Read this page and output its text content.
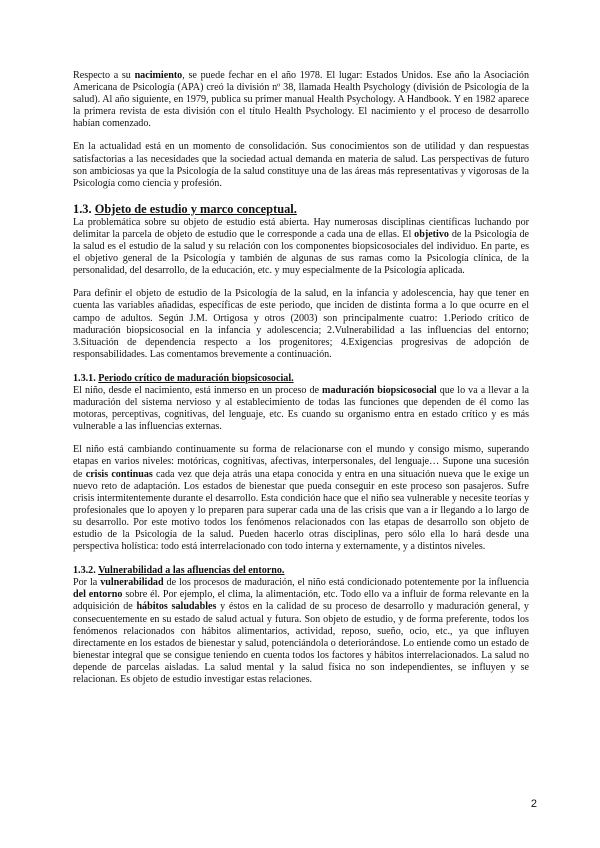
Respecto a su nacimiento, se puede fechar en el año 1978. El lugar: Estados Unidos. Ese año la Asociación Americana de Psicología (APA) creó la división nº 38, llamada Health Psychology (división de Psicología de la salud). Al año siguiente, en 1979, publica su primer manual Health Psychology. A Handbook. Y en 1982 aparece la primera revista de esta división con el título Health Psychology. El nacimiento y el proceso de desarrollo habían comenzado.

En la actualidad está en un momento de consolidación. Sus conocimientos son de utilidad y dan respuestas satisfactorias a las necesidades que la sociedad actual demanda en materia de salud. Las perspectivas de futuro son ambiciosas ya que la Psicología de la salud constituye una de las áreas más representativas y vigorosas de la Psicología como ciencia y profesión.

1.3. Objeto de estudio y marco conceptual.

La problemática sobre su objeto de estudio está abierta. Hay numerosas disciplinas científicas luchando por delimitar la parcela de objeto de estudio que le corresponde a cada una de ellas. El objetivo de la Psicología de la salud es el estudio de la salud y su relación con los componentes biopsicosociales del individuo. En parte, es el objetivo general de la Psicología y también de algunas de sus ramas como la Psicología clínica, de la personalidad, del desarrollo, de la educación, etc. y muy especialmente de la Psicología aplicada.

Para definir el objeto de estudio de la Psicología de la salud, en la infancia y adolescencia, hay que tener en cuenta las variables añadidas, específicas de este periodo, que inciden de distinta forma a lo que ocurre en el campo de adultos. Según J.M. Ortigosa y otros (2003) son principalmente cuatro: 1.Periodo crítico de maduración biopsicosocial en la infancia y adolescencia; 2.Vulnerabilidad a las influencias del entorno; 3.Situación de dependencia respecto a los progenitores; 4.Exigencias progresivas de adopción de responsabilidades. Las comentamos brevemente a continuación.

1.3.1. Periodo crítico de maduración biopsicosocial.

El niño, desde el nacimiento, está inmerso en un proceso de maduración biopsicosocial que lo va a llevar a la maduración del sistema nervioso y al establecimiento de todas las funciones que dependen de él como las motoras, perceptivas, cognitivas, del lenguaje, etc. Es cuando su organismo entra en estado crítico y es más vulnerable a las influencias externas.

El niño está cambiando continuamente su forma de relacionarse con el mundo y consigo mismo, superando etapas en varios niveles: motóricas, cognitivas, afectivas, interpersonales, del lenguaje… Supone una sucesión de crisis continuas cada vez que deja atrás una etapa conocida y entra en una situación nueva que le exige un nuevo reto de adaptación. Los estados de bienestar que pueda conseguir en este proceso son pasajeros. Sufre crisis intermitentemente durante el desarrollo. Esta condición hace que el niño sea vulnerable y necesite teorías y profesionales que lo apoyen y lo preparen para superar cada una de las crisis que van a ir llegando a lo largo de su desarrollo. Por este motivo todos los fenómenos relacionados con las etapas de desarrollo son objeto de estudio de la Psicología de la salud. Pueden hacerlo otras disciplinas, pero sólo ella lo hará desde una perspectiva holística: todo está interrelacionado con todo interna y externamente, y a distintos niveles.

1.3.2. Vulnerabilidad a las afluencias del entorno.

Por la vulnerabilidad de los procesos de maduración, el niño está condicionado potentemente por la influencia del entorno sobre él. Por ejemplo, el clima, la alimentación, etc. Todo ello va a influir de forma relevante en la adquisición de hábitos saludables y éstos en la calidad de su proceso de desarrollo y maduración general, y consecuentemente en su estado de salud actual y futura. Son objeto de estudio, y de forma preferente, todos los fenómenos relacionados con hábitos alimentarios, actividad, reposo, sueño, ocio, etc., ya que influyen directamente en los estados de bienestar y salud, potenciándola o deteriorándose. Lo entiende como un estado de bienestar integral que se consigue teniendo en cuenta todos los factores y hábitos interrelacionados. La salud no depende de parcelas aisladas. La salud mental y la salud física no son independientes, se influyen y se relacionan. Es objeto de estudio investigar estas relaciones.

2
